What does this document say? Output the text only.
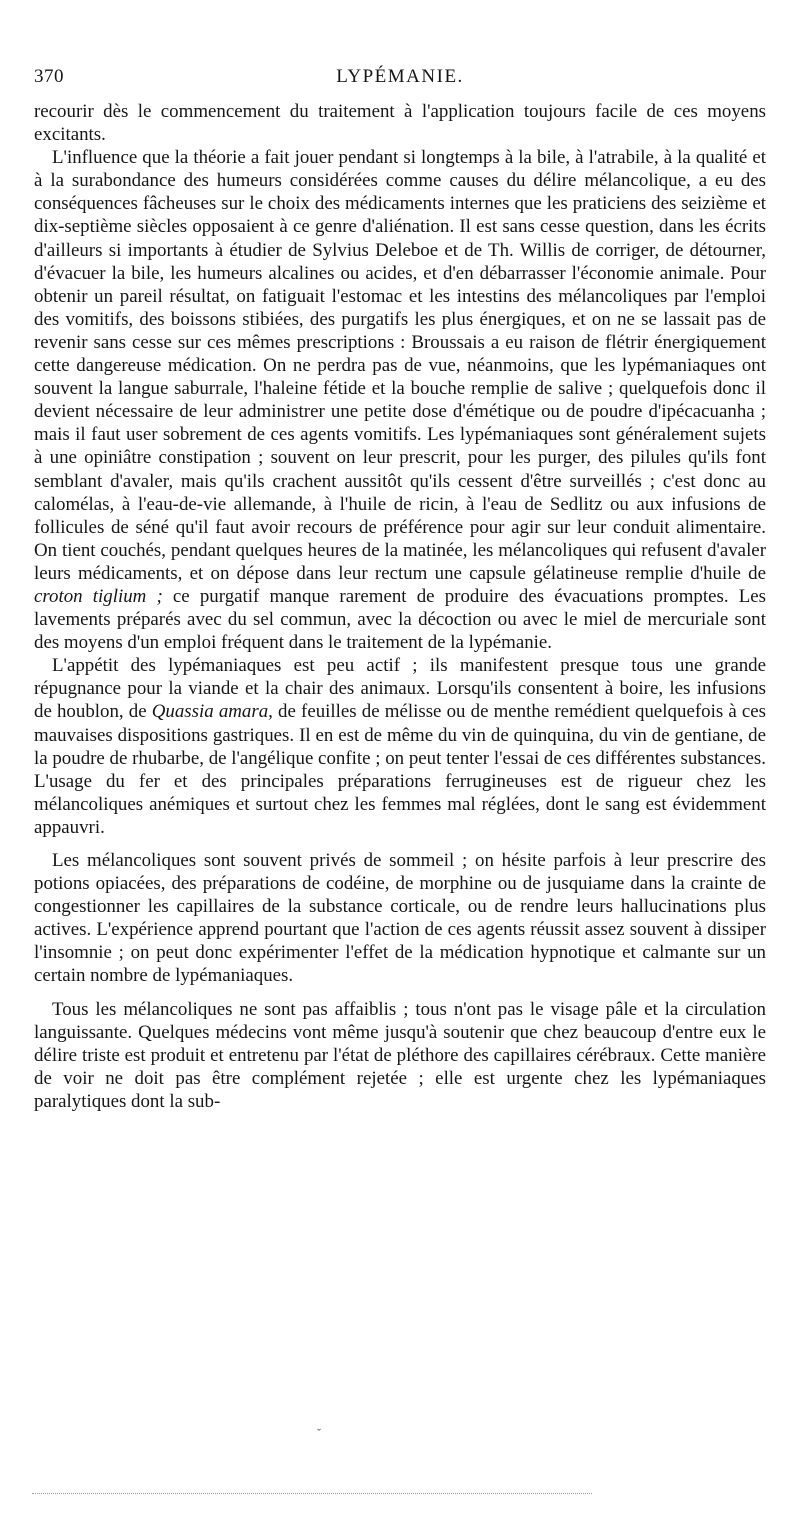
370	LYPÉMANIE.

recourir dès le commencement du traitement à l'application toujours facile de ces moyens excitants.

L'influence que la théorie a fait jouer pendant si longtemps à la bile, à l'atrabile, à la qualité et à la surabondance des humeurs considérées comme causes du délire mélancolique, a eu des conséquences fâcheuses sur le choix des médicaments internes que les praticiens des seizième et dix-septième siècles opposaient à ce genre d'aliénation. Il est sans cesse question, dans les écrits d'ailleurs si importants à étudier de Sylvius Deleboe et de Th. Willis de corriger, de détourner, d'évacuer la bile, les humeurs alcalines ou acides, et d'en débarrasser l'économie animale. Pour obtenir un pareil résultat, on fatiguait l'estomac et les intestins des mélancoliques par l'emploi des vomitifs, des boissons stibiées, des purgatifs les plus énergiques, et on ne se lassait pas de revenir sans cesse sur ces mêmes prescriptions : Broussais a eu raison de flétrir énergiquement cette dangereuse médication. On ne perdra pas de vue, néanmoins, que les lypémaniaques ont souvent la langue saburrale, l'haleine fétide et la bouche remplie de salive ; quelquefois donc il devient nécessaire de leur administrer une petite dose d'émétique ou de poudre d'ipécacuanha ; mais il faut user sobrement de ces agents vomitifs. Les lypémaniaques sont généralement sujets à une opiniâtre constipation ; souvent on leur prescrit, pour les purger, des pilules qu'ils font semblant d'avaler, mais qu'ils crachent aussitôt qu'ils cessent d'être surveillés ; c'est donc au calomélas, à l'eau-de-vie allemande, à l'huile de ricin, à l'eau de Sedlitz ou aux infusions de follicules de séné qu'il faut avoir recours de préférence pour agir sur leur conduit alimentaire. On tient couchés, pendant quelques heures de la matinée, les mélancoliques qui refusent d'avaler leurs médicaments, et on dépose dans leur rectum une capsule gélatineuse remplie d'huile de croton tiglium ; ce purgatif manque rarement de produire des évacuations promptes. Les lavements préparés avec du sel commun, avec la décoction ou avec le miel de mercuriale sont des moyens d'un emploi fréquent dans le traitement de la lypémanie.

L'appétit des lypémaniaques est peu actif ; ils manifestent presque tous une grande répugnance pour la viande et la chair des animaux. Lorsqu'ils consentent à boire, les infusions de houblon, de Quassia amara, de feuilles de mélisse ou de menthe remédient quelquefois à ces mauvaises dispositions gastriques. Il en est de même du vin de quinquina, du vin de gentiane, de la poudre de rhubarbe, de l'angélique confite ; on peut tenter l'essai de ces différentes substances. L'usage du fer et des principales préparations ferrugineuses est de rigueur chez les mélancoliques anémiques et surtout chez les femmes mal réglées, dont le sang est évidemment appauvri.

Les mélancoliques sont souvent privés de sommeil ; on hésite parfois à leur prescrire des potions opiacées, des préparations de codéine, de morphine ou de jusquiame dans la crainte de congestionner les capillaires de la substance corticale, ou de rendre leurs hallucinations plus actives. L'expérience apprend pourtant que l'action de ces agents réussit assez souvent à dissiper l'insomnie ; on peut donc expérimenter l'effet de la médication hypnotique et calmante sur un certain nombre de lypémaniaques.

Tous les mélancoliques ne sont pas affaiblis ; tous n'ont pas le visage pâle et la circulation languissante. Quelques médecins vont même jusqu'à soutenir que chez beaucoup d'entre eux le délire triste est produit et entretenu par l'état de pléthore des capillaires cérébraux. Cette manière de voir ne doit pas être complément rejetée ; elle est urgente chez les lypémaniaques paralytiques dont la sub-

ˇ
